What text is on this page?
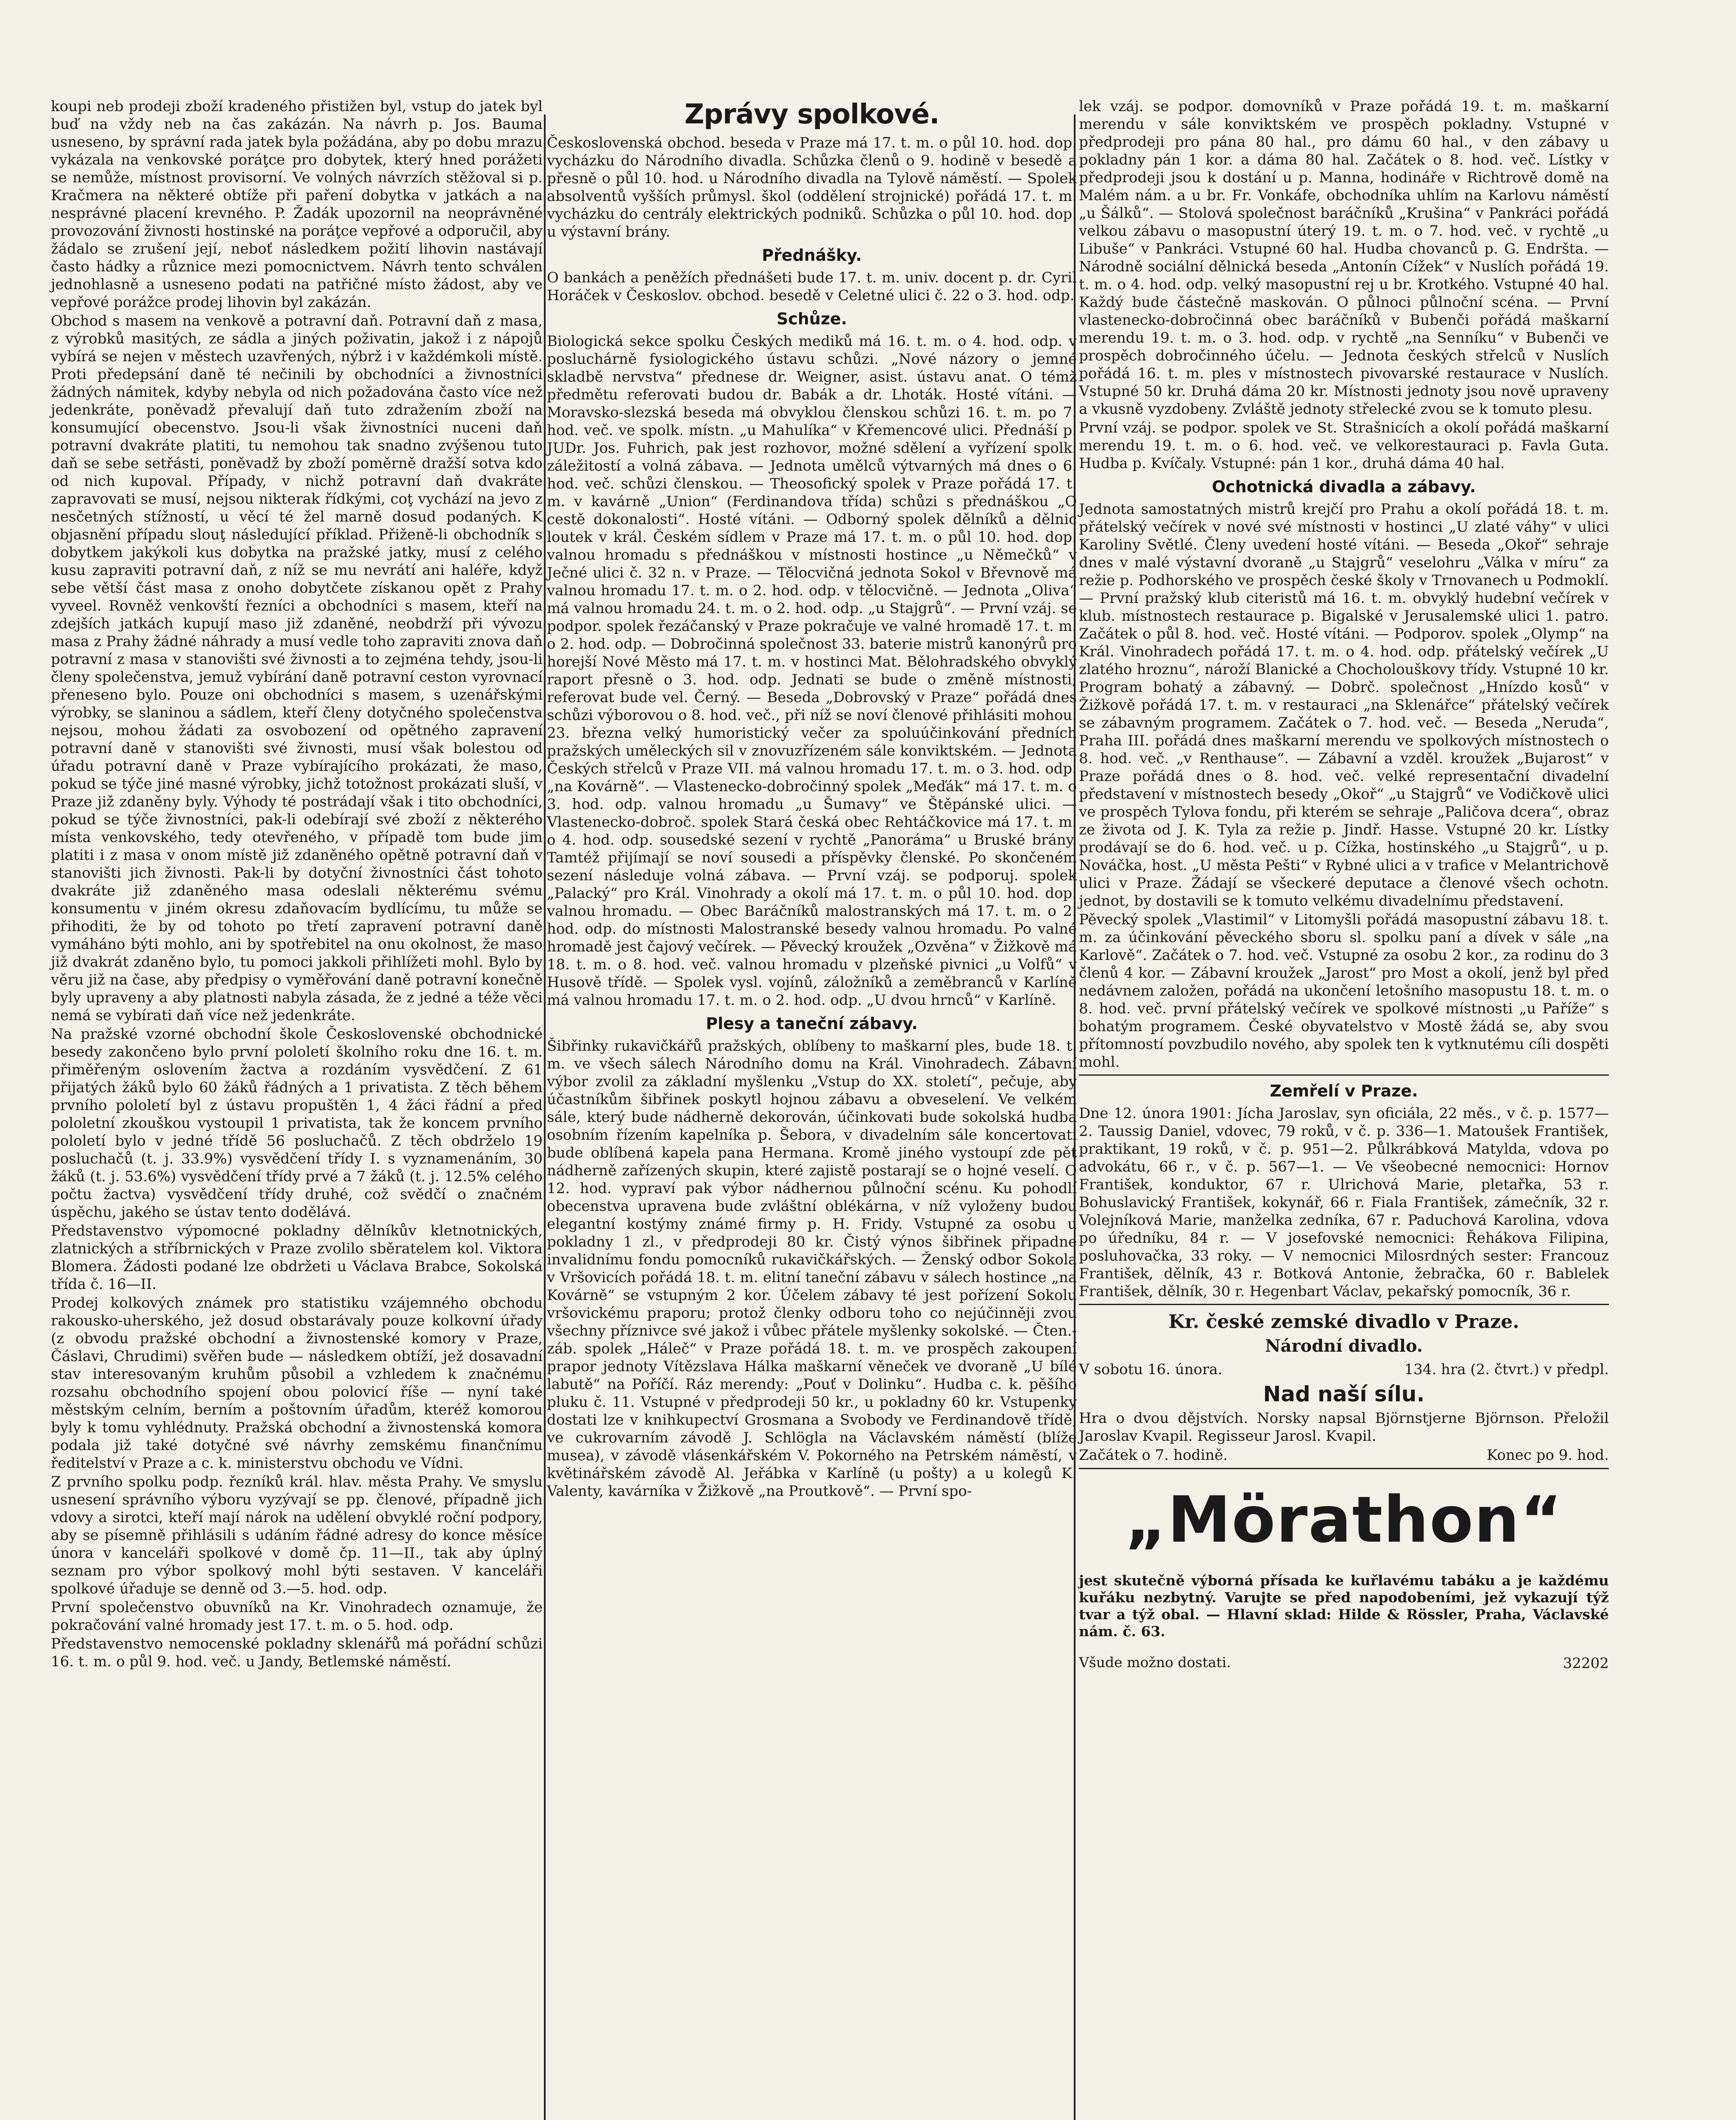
koupi neb prodeji zboží kradeného přistižen byl, vstup do jatek byl buď na vždy neb na čas zakázán. Na návrh p. Jos. Bauma usneseno, by správní rada jatek byla požádána, aby po dobu mrazu vykázala na venkovské poráţce pro dobytek, který hned porážeti se nemůže, místnost provisorní. Ve volných návrzích stěžoval si p. Kračmera na některé obtíže při paření dobytka v jatkách a na nesprávné placení krevného. P. Žadák upozornil na neoprávněné provozování živnosti hostinské na poráţce vepřové a odporučil, aby žádalo se zrušení její, neboť následkem požití lihovin nastávají často hádky a různice mezi pomocnictvem. Návrh tento schválen jednohlasně a usneseno podati na patřičné místo žádost, aby ve vepřové porážce prodej lihovin byl zakázán.

Obchod s masem na venkově a potravní daň. Potravní daň z masa, z výrobků masitých, ze sádla a jiných poživatin, jakož i z nápojů vybírá se nejen v městech uzavřených, nýbrž i v každémkoli místě. Proti předepsání daně té nečinili by obchodníci a živnostníci žádných námitek, kdyby nebyla od nich požadována často více než jedenkráte, poněvadž převalují daň tuto zdražením zboží na konsumující obecenstvo. Jsou-li však živnostníci nuceni daň potravní dvakráte platiti, tu nemohou tak snadno zvýšenou tuto daň se sebe setřásti, poněvadž by zboží poměrně dražší sotva kdo od nich kupoval. Případy, v nichž potravní daň dvakráte zapravovati se musí, nejsou nikterak řídkými, coţ vychází na jevo z nesčetných stížností, u věcí té žel marně dosud podaných. K objasnění případu slouţ následující příklad. Přiženě-li obchodník s dobytkem jakýkoli kus dobytka na pražské jatky, musí z celého kusu zapraviti potravní daň, z níž se mu nevrátí ani haléře, když sebe větší část masa z onoho dobytčete získanou opět z Prahy vyveel. Rovněž venkovští řezníci a obchodníci s masem, kteří na zdejších jatkách kupují maso již zdaněné, neobdrží při vývozu masa z Prahy žádné náhrady a musí vedle toho zapraviti znova daň potravní z masa v stanovišti své živnosti a to zejména tehdy, jsou-li členy společenstva, jemuž vybírání daně potravní ceston vyrovnací přeneseno bylo. Pouze oni obchodníci s masem, s uzenářskými výrobky, se slaninou a sádlem, kteří členy dotyčného společenstva nejsou, mohou žádati za osvobození od opětného zapravení potravní daně v stanovišti své živnosti, musí však bolestou od úřadu potravní daně v Praze vybírajícího prokázati, že maso, pokud se týče jiné masné výrobky, jichž totožnost prokázati sluší, v Praze již zdaněny byly. Výhody té postrádají však i tito obchodníci, pokud se týče živnostníci, pak-li odebírají své zboží z některého místa venkovského, tedy otevřeného, v případě tom bude jim platiti i z masa v onom místě již zdaněného opětně potravní daň v stanovišti jich živnosti. Pak-li by dotyční živnostníci část tohoto dvakráte již zdaněného masa odeslali některému svému konsumentu v jiném okresu zdaňovacím bydlícímu, tu může se přihoditi, že by od tohoto po třetí zapravení potravní daně vymáháno býti mohlo, ani by spotřebitel na onu okolnost, že maso již dvakrát zdaněno bylo, tu pomoci jakkoli přihlížeti mohl. Bylo by věru již na čase, aby předpisy o vyměřování daně potravní konečně byly upraveny a aby platnosti nabyla zásada, že z jedné a téže věci nemá se vybírati daň více než jedenkráte.

Na pražské vzorné obchodní škole Československé obchodnické besedy zakončeno bylo první pololetí školního roku dne 16. t. m. přiměřeným oslovením žactva a rozdáním vysvědčení. Z 61 přijatých žáků bylo 60 žáků řádných a 1 privatista. Z těch během prvního pololetí byl z ústavu propuštěn 1, 4 žáci řádní a před pololetní zkouškou vystoupil 1 privatista, tak že koncem prvního pololetí bylo v jedné třídě 56 posluchačů. Z těch obdrželo 19 posluchačů (t. j. 33.9%) vysvědčení třídy I. s vyznamenáním, 30 žáků (t. j. 53.6%) vysvědčení třídy prvé a 7 žáků (t. j. 12.5% celého počtu žactva) vysvědčení třídy druhé, což svědčí o značném úspěchu, jakého se ústav tento dodělává.

Představenstvo výpomocné pokladny dělníkův kletnotnických, zlatnických a stříbrnických v Praze zvolilo sběratelem kol. Viktora Blomera. Žádosti podané lze obdržeti u Václava Brabce, Sokolská třída č. 16—II.

Prodej kolkových známek pro statistiku vzájemného obchodu rakousko-uherského, jež dosud obstarávaly pouze kolkovní úřady (z obvodu pražské obchodní a živnostenské komory v Praze, Čáslavi, Chrudimi) svěřen bude — následkem obtíží, jež dosavadní stav interesovaným kruhům působil a vzhledem k značnému rozsahu obchodního spojení obou polovicí říše — nyní také městským celním, berním a poštovním úřadům, kteréž komorou byly k tomu vyhlédnuty. Pražská obchodní a živnostenská komora podala již také dotyčné své návrhy zemskému finančnímu ředitelství v Praze a c. k. ministerstvu obchodu ve Vídni.

Z prvního spolku podp. řezníků král. hlav. města Prahy. Ve smyslu usnesení správního výboru vyzývají se pp. členové, případně jich vdovy a sirotci, kteří mají nárok na udělení obvyklé roční podpory, aby se písemně přihlásili s udáním řádné adresy do konce měsíce února v kanceláři spolkové v domě čp. 11—II., tak aby úplný seznam pro výbor spolkový mohl býti sestaven. V kanceláři spolkové úřaduje se denně od 3.—5. hod. odp.

První společenstvo obuvníků na Kr. Vinohradech oznamuje, že pokračování valné hromady jest 17. t. m. o 5. hod. odp.

Představenstvo nemocenské pokladny sklenářů má pořádní schůzi 16. t. m. o půl 9. hod. več. u Jandy, Betlemské náměstí.

Zprávy spolkové.

Československá obchod. beseda v Praze má 17. t. m. o půl 10. hod. dop. vycházku do Národního divadla. Schůzka členů o 9. hodině v besedě a přesně o půl 10. hod. u Národního divadla na Tylově náměstí. — Spolek absolventů vyšších průmysl. škol (oddělení strojnické) pořádá 17. t. m. vycházku do centrály elektrických podniků. Schůzka o půl 10. hod. dop. u výstavní brány.

Přednášky.

O bankách a peněžích přednášeti bude 17. t. m. univ. docent p. dr. Cyril Horáček v Českoslov. obchod. besedě v Celetné ulici č. 22 o 3. hod. odp.

Schůze.

Biologická sekce spolku Českých mediků má 16. t. m. o 4. hod. odp. v posluchárně fysiologického ústavu schůzi. „Nové názory o jemné skladbě nervstva“ přednese dr. Weigner, asist. ústavu anat. O témž předmětu referovati budou dr. Babák a dr. Lhoták. Hosté vítáni. — Moravsko-slezská beseda má obvyklou členskou schůzi 16. t. m. po 7. hod. več. ve spolk. místn. „u Mahulíka“ v Křemencové ulici. Přednáší p. JUDr. Jos. Fuhrich, pak jest rozhovor, možné sdělení a vyřízení spolk. záležitostí a volná zábava. — Jednota umělců výtvarných má dnes o 6. hod. več. schůzi členskou. — Theosofický spolek v Praze pořádá 17. t. m. v kavárně „Union“ (Ferdinandova třída) schůzi s přednáškou „O cestě dokonalosti“. Hosté vítáni. — Odborný spolek dělníků a dělnic loutek v král. Českém sídlem v Praze má 17. t. m. o půl 10. hod. dop. valnou hromadu s přednáškou v místnosti hostince „u Němečků“ v Ječné ulici č. 32 n. v Praze. — Tělocvičná jednota Sokol v Břevnově má valnou hromadu 17. t. m. o 2. hod. odp. v tělocvičně. — Jednota „Oliva“ má valnou hromadu 24. t. m. o 2. hod. odp. „u Stajgrů“. — První vzáj. se podpor. spolek řezáčanský v Praze pokračuje ve valné hromadě 17. t. m. o 2. hod. odp. — Dobročinná společnost 33. baterie mistrů kanonýrů pro horejší Nové Město má 17. t. m. v hostinci Mat. Bělohradského obvyklý raport přesně o 3. hod. odp. Jednati se bude o změně místnosti; referovat bude vel. Černý. — Beseda „Dobrovský v Praze“ pořádá dnes schůzi výborovou o 8. hod. več., při níž se noví členové přihlásiti mohou. 23. března velký humoristický večer za spoluúčinkování předních pražských uměleckých sil v znovuzřízeném sále konviktském. — Jednota Českých střelců v Praze VII. má valnou hromadu 17. t. m. o 3. hod. odp. „na Kovárně“. — Vlastenecko-dobročinný spolek „Meďák“ má 17. t. m. o 3. hod. odp. valnou hromadu „u Šumavy“ ve Štěpánské ulici. — Vlastenecko-dobroč. spolek Stará česká obec Rehtáčkovice má 17. t. m. o 4. hod. odp. sousedské sezení v rychtě „Panoráma“ u Bruské brány. Tamtéž přijímají se noví sousedi a příspěvky členské. Po skončeném sezení následuje volná zábava. — První vzáj. se podporuj. spolek „Palacký“ pro Král. Vinohrady a okolí má 17. t. m. o půl 10. hod. dop. valnou hromadu. — Obec Baráčníků malostranských má 17. t. m. o 2. hod. odp. do místnosti Malostranské besedy valnou hromadu. Po valné hromadě jest čajový večírek. — Pěvecký kroužek „Ozvěna“ v Žižkově má 18. t. m. o 8. hod. več. valnou hromadu v plzeňské pivnici „u Volfů“ v Husově třídě. — Spolek vysl. vojínů, záložníků a zeměbranců v Karlíně má valnou hromadu 17. t. m. o 2. hod. odp. „U dvou hrnců“ v Karlíně.

Plesy a taneční zábavy.

Šibřinky rukavičkářů pražských, oblíbeny to maškarní ples, bude 18. t. m. ve všech sálech Národního domu na Král. Vinohradech. Zábavní výbor zvolil za základní myšlenku „Vstup do XX. století“, pečuje, aby účastníkům šibřinek poskytl hojnou zábavu a obveselení. Ve velkém sále, který bude nádherně dekorován, účinkovati bude sokolská hudba osobním řízením kapelníka p. Šebora, v divadelním sále koncertovati bude oblíbená kapela pana Hermana. Kromě jiného vystoupí zde pět nádherně zařízených skupin, které zajistě postarají se o hojné veselí. O 12. hod. vypraví pak výbor nádhernou půlnoční scénu. Ku pohodlí obecenstva upravena bude zvláštní oblékárna, v níž vyloženy budou elegantní kostýmy známé firmy p. H. Fridy. Vstupné za osobu u pokladny 1 zl., v předprodeji 80 kr. Čistý výnos šibřinek připadne invalidnímu fondu pomocníků rukavičkářských. — Ženský odbor Sokola v Vršovicích pořádá 18. t. m. elitní taneční zábavu v sálech hostince „na Kovárně“ se vstupným 2 kor. Účelem zábavy té jest pořízení Sokolu vršovickému praporu; protož členky odboru toho co nejúčinněji zvou všechny příznivce své jakož i vůbec přátele myšlenky sokolské. — Čten.-záb. spolek „Háleč“ v Praze pořádá 18. t. m. ve prospěch zakoupení prapor jednoty Vítězslava Hálka maškarní věneček ve dvoraně „U bílé labutě“ na Poříčí. Ráz merendy: „Pouť v Dolinku“. Hudba c. k. pěšího pluku č. 11. Vstupné v předprodeji 50 kr., u pokladny 60 kr. Vstupenky dostati lze v knihkupectví Grosmana a Svobody ve Ferdinandově třídě, ve cukrovarním závodě J. Schlögla na Václavském náměstí (blíže musea), v závodě vlásenkářském V. Pokorného na Petrském náměstí, v květinářském závodě Al. Jeřábka v Karlíně (u pošty) a u kolegů K. Valenty, kavárníka v Žižkově „na Proutkově“. — První spo-

lek vzáj. se podpor. domovníků v Praze pořádá 19. t. m. maškarní merendu v sále konviktském ve prospěch pokladny. Vstupné v předprodeji pro pána 80 hal., pro dámu 60 hal., v den zábavy u pokladny pán 1 kor. a dáma 80 hal. Začátek o 8. hod. več. Lístky v předprodeji jsou k dostání u p. Manna, hodináře v Richtrově domě na Malém nám. a u br. Fr. Vonkáfe, obchodníka uhlím na Karlovu náměstí „u Šálků“. — Stolová společnost baráčníků „Krušina“ v Pankráci pořádá velkou zábavu o masopustní úterý 19. t. m. o 7. hod. več. v rychtě „u Libuše“ v Pankráci. Vstupné 60 hal. Hudba chovanců p. G. Endršta. — Národně sociální dělnická beseda „Antonín Cížek“ v Nuslích pořádá 19. t. m. o 4. hod. odp. velký masopustní rej u br. Krotkého. Vstupné 40 hal. Každý bude částečně maskován. O půlnoci půlnoční scéna. — První vlastenecko-dobročinná obec baráčníků v Bubenči pořádá maškarní merendu 19. t. m. o 3. hod. odp. v rychtě „na Senníku“ v Bubenči ve prospěch dobročinného účelu. — Jednota českých střelců v Nuslích pořádá 16. t. m. ples v místnostech pivovarské restaurace v Nuslích. Vstupné 50 kr. Druhá dáma 20 kr. Místnosti jednoty jsou nově upraveny a vkusně vyzdobeny. Zvláště jednoty střelecké zvou se k tomuto plesu.

První vzáj. se podpor. spolek ve St. Strašnicích a okolí pořádá maškarní merendu 19. t. m. o 6. hod. več. ve velkorestauraci p. Favla Guta. Hudba p. Kvíčaly. Vstupné: pán 1 kor., druhá dáma 40 hal.

Ochotnická divadla a zábavy.

Jednota samostatných mistrů krejčí pro Prahu a okolí pořádá 18. t. m. přátelský večírek v nové své místnosti v hostinci „U zlaté váhy“ v ulici Karoliny Světlé. Členy uvedení hosté vítáni. — Beseda „Okoř“ sehraje dnes v malé výstavní dvoraně „u Stajgrů“ veselohru „Válka v míru“ za režie p. Podhorského ve prospěch české školy v Trnovanech u Podmoklí. — První pražský klub citeristů má 16. t. m. obvyklý hudební večírek v klub. místnostech restaurace p. Bigalské v Jerusalemské ulici 1. patro. Začátek o půl 8. hod. več. Hosté vítáni. — Podporov. spolek „Olymp“ na Král. Vinohradech pořádá 17. t. m. o 4. hod. odp. přátelský večírek „U zlatého hroznu“, nároží Blanické a Chocholouškovy třídy. Vstupné 10 kr. Program bohatý a zábavný. — Dobrč. společnost „Hnízdo kosů“ v Žižkově pořádá 17. t. m. v restauraci „na Sklenářce“ přátelský večírek se zábavným programem. Začátek o 7. hod. več. — Beseda „Neruda“, Praha III. pořádá dnes maškarní merendu ve spolkových místnostech o 8. hod. več. „v Renthause“. — Zábavní a vzděl. kroužek „Bujarost“ v Praze pořádá dnes o 8. hod. več. velké representační divadelní představení v místnostech besedy „Okoř“ „u Stajgrů“ ve Vodičkově ulici ve prospěch Tylova fondu, při kterém se sehraje „Paličova dcera“, obraz ze života od J. K. Tyla za režie p. Jindř. Hasse. Vstupné 20 kr. Lístky prodávají se do 6. hod. več. u p. Cížka, hostinského „u Stajgrů“, u p. Nováčka, host. „U města Pešti“ v Rybné ulici a v trafice v Melantrichově ulici v Praze. Žádají se všeckeré deputace a členové všech ochotn. jednot, by dostavili se k tomuto velkému divadelnímu představení.

Pěvecký spolek „Vlastimil“ v Litomyšli pořádá masopustní zábavu 18. t. m. za účinkování pěveckého sboru sl. spolku paní a dívek v sále „na Karlově“. Začátek o 7. hod. več. Vstupné za osobu 2 kor., za rodinu do 3 členů 4 kor. — Zábavní kroužek „Jarost“ pro Most a okolí, jenž byl před nedávnem založen, pořádá na ukončení letošního masopustu 18. t. m. o 8. hod. več. první přátelský večírek ve spolkové místnosti „u Paříže“ s bohatým programem. České obyvatelstvo v Mostě žádá se, aby svou přítomností povzbudilo nového, aby spolek ten k vytknutému cíli dospěti mohl.

Zemřelí v Praze.

Dne 12. února 1901: Jícha Jaroslav, syn oficiála, 22 měs., v č. p. 1577—2. Taussig Daniel, vdovec, 79 roků, v č. p. 336—1. Matoušek František, praktikant, 19 roků, v č. p. 951—2. Půlkrábková Matylda, vdova po advokátu, 66 r., v č. p. 567—1. — Ve všeobecné nemocnici: Hornov František, konduktor, 67 r. Ulrichová Marie, pletařka, 53 r. Bohuslavický František, kokynář, 66 r. Fiala František, zámečník, 32 r. Volejníková Marie, manželka zedníka, 67 r. Paduchová Karolina, vdova po úředníku, 84 r. — V josefovské nemocnici: Řehákova Filipina, posluhovačka, 33 roky. — V nemocnici Milosrdných sester: Francouz František, dělník, 43 r. Botková Antonie, žebračka, 60 r. Bablelek František, dělník, 30 r. Hegenbart Václav, pekařský pomocník, 36 r.

Kr. české zemské divadlo v Praze.
Národní divadlo.
V sobotu 16. února.	134. hra (2. čtvrt.) v předpl.
Nad naší sílu.

Hra o dvou dějstvích. Norsky napsal Björnstjerne Björnson. Přeložil Jaroslav Kvapil. Regisseur Jarosl. Kvapil.

Začátek o 7. hodině.	Konec po 9. hod.
„Mörathon“

jest skutečně výborná přísada ke kuřlavému tabáku a je každému kuřáku nezbytný. Varujte se před napodobeními, jež vykazují týž tvar a týž obal. — Hlavní sklad: Hilde & Rössler, Praha, Václavské nám. č. 63.

Všude možno dostati.	32202
